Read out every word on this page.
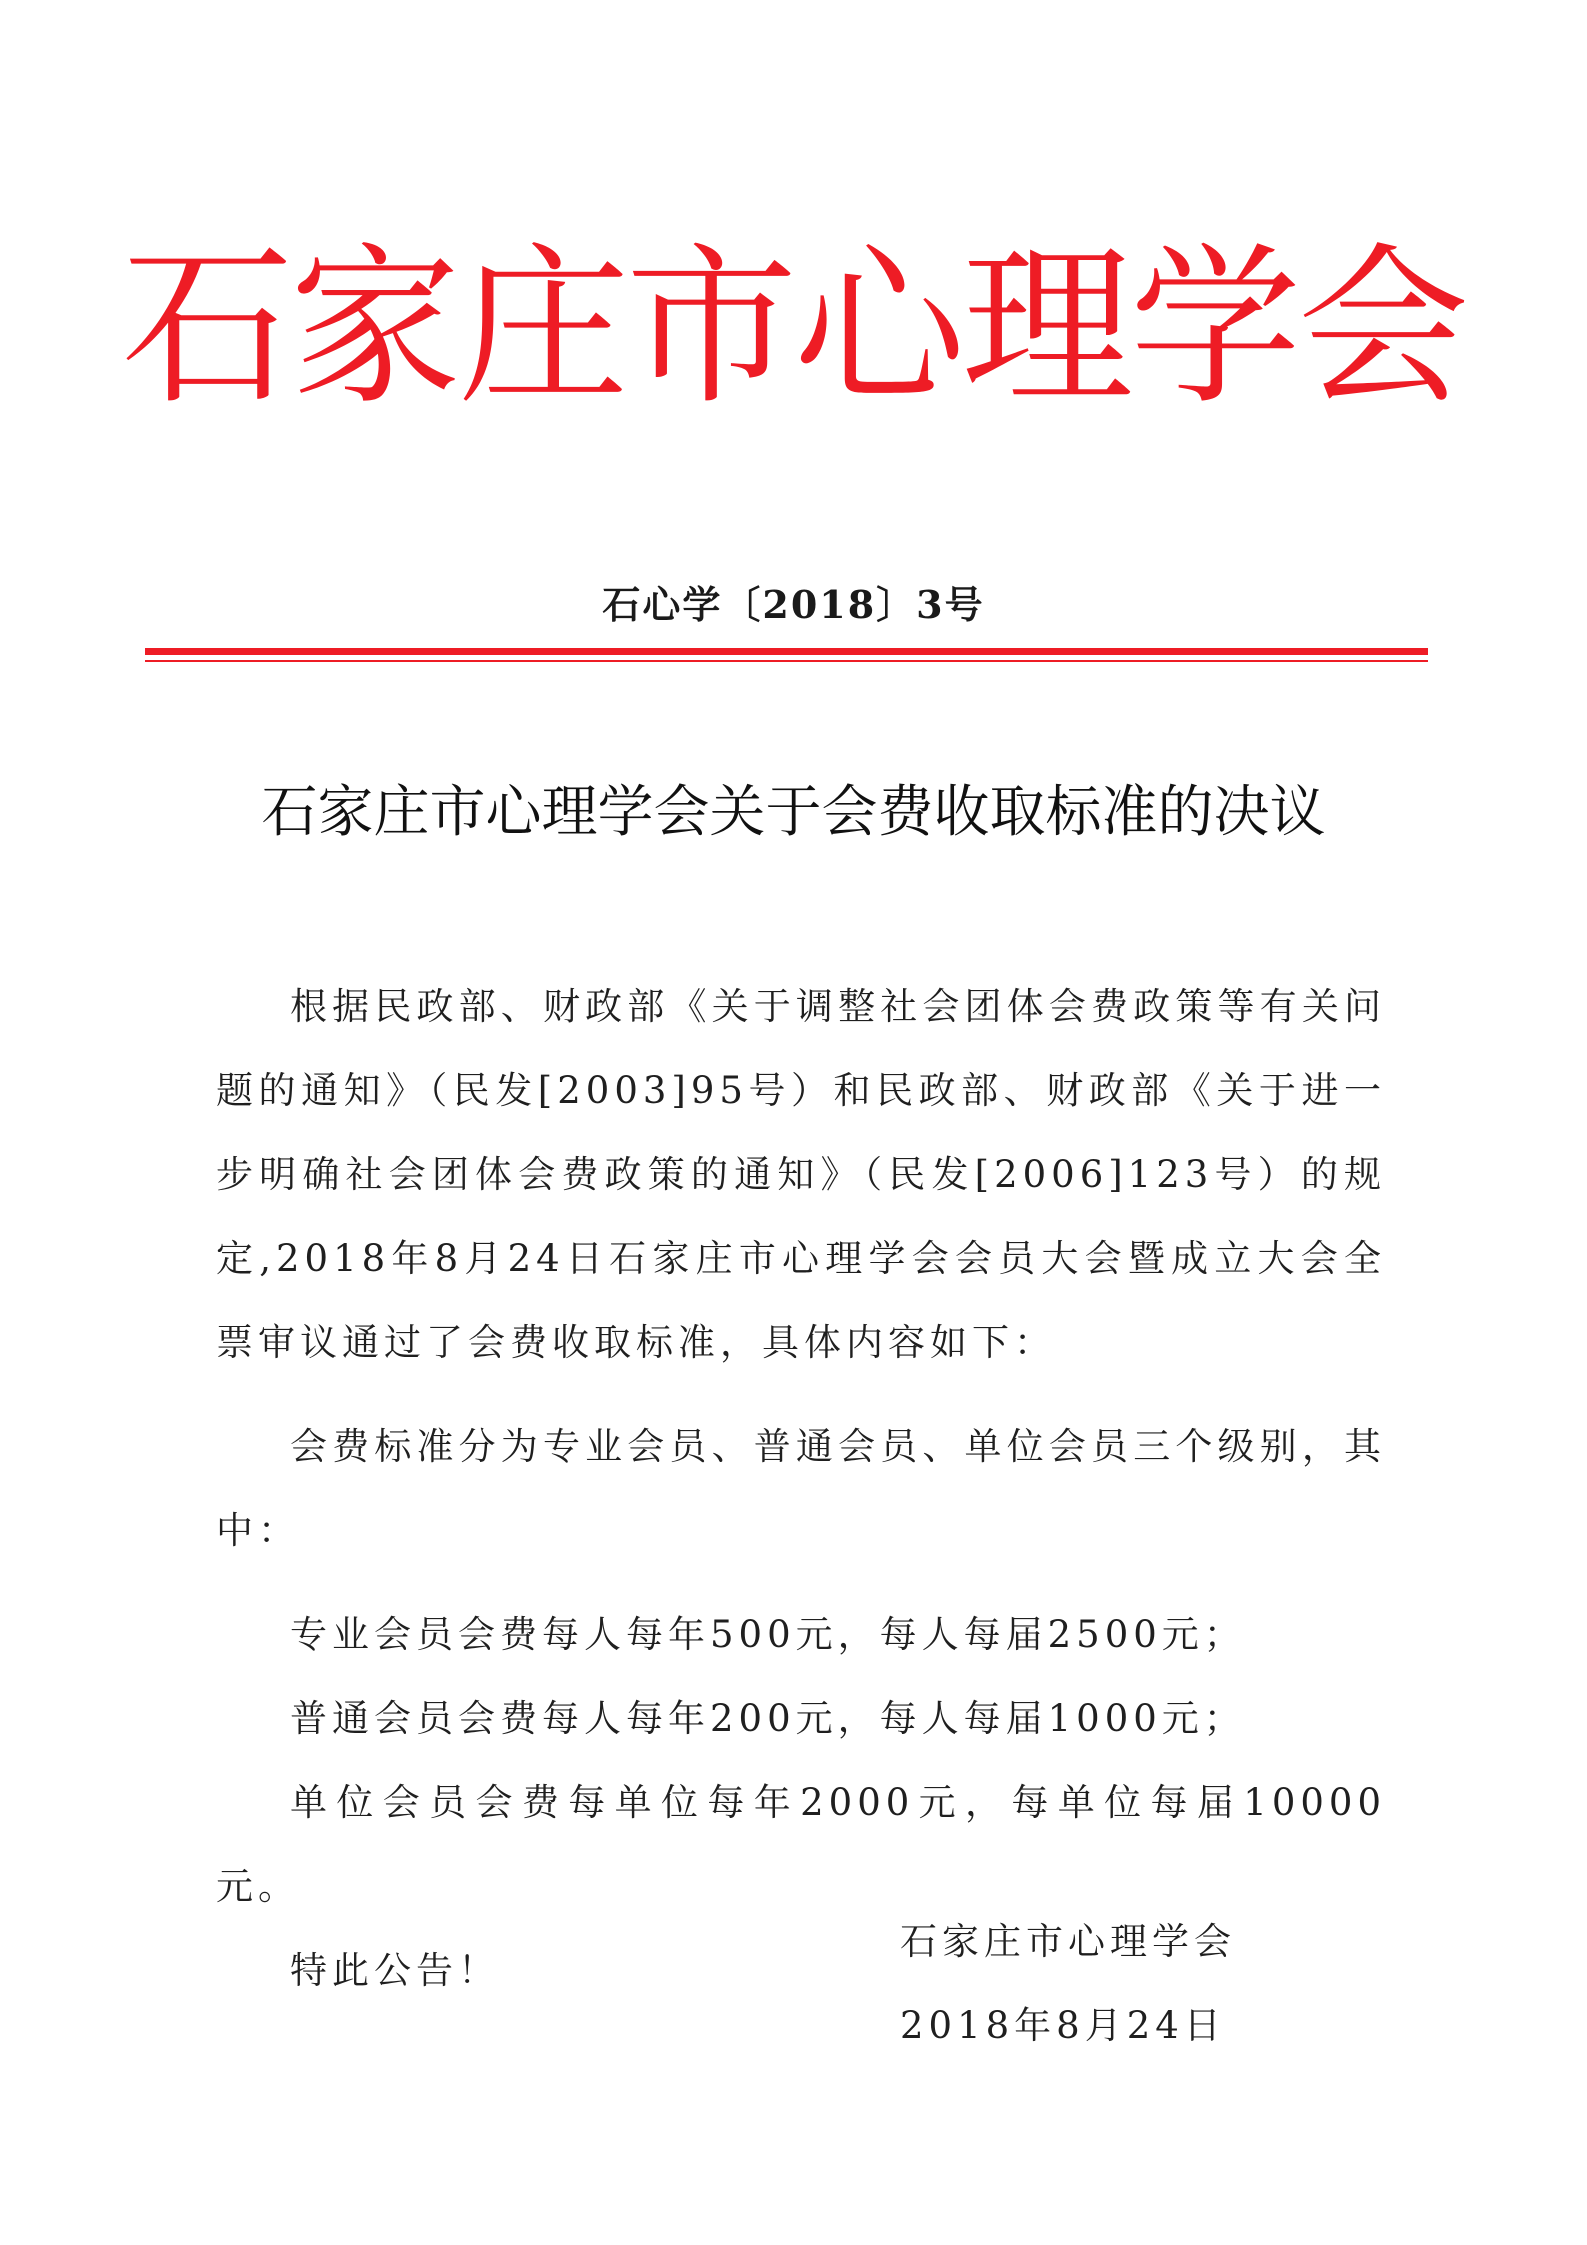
石家庄市心理学会
石心学〔2018〕3号
石家庄市心理学会关于会费收取标准的决议

根据民政部、财政部《关于调整社会团体会费政策等有关问题的通知》（民发[2003]95号）和民政部、财政部《关于进一步明确社会团体会费政策的通知》（民发[2006]123号）的规定,2018年8月24日石家庄市心理学会会员大会暨成立大会全票审议通过了会费收取标准，具体内容如下：

会费标准分为专业会员、普通会员、单位会员三个级别，其中：

专业会员会费每人每年500元，每人每届2500元；

普通会员会费每人每年200元，每人每届1000元；

单位会员会费每单位每年2000元，每单位每届10000元。

特此公告！

石家庄市心理学会
2018年8月24日
